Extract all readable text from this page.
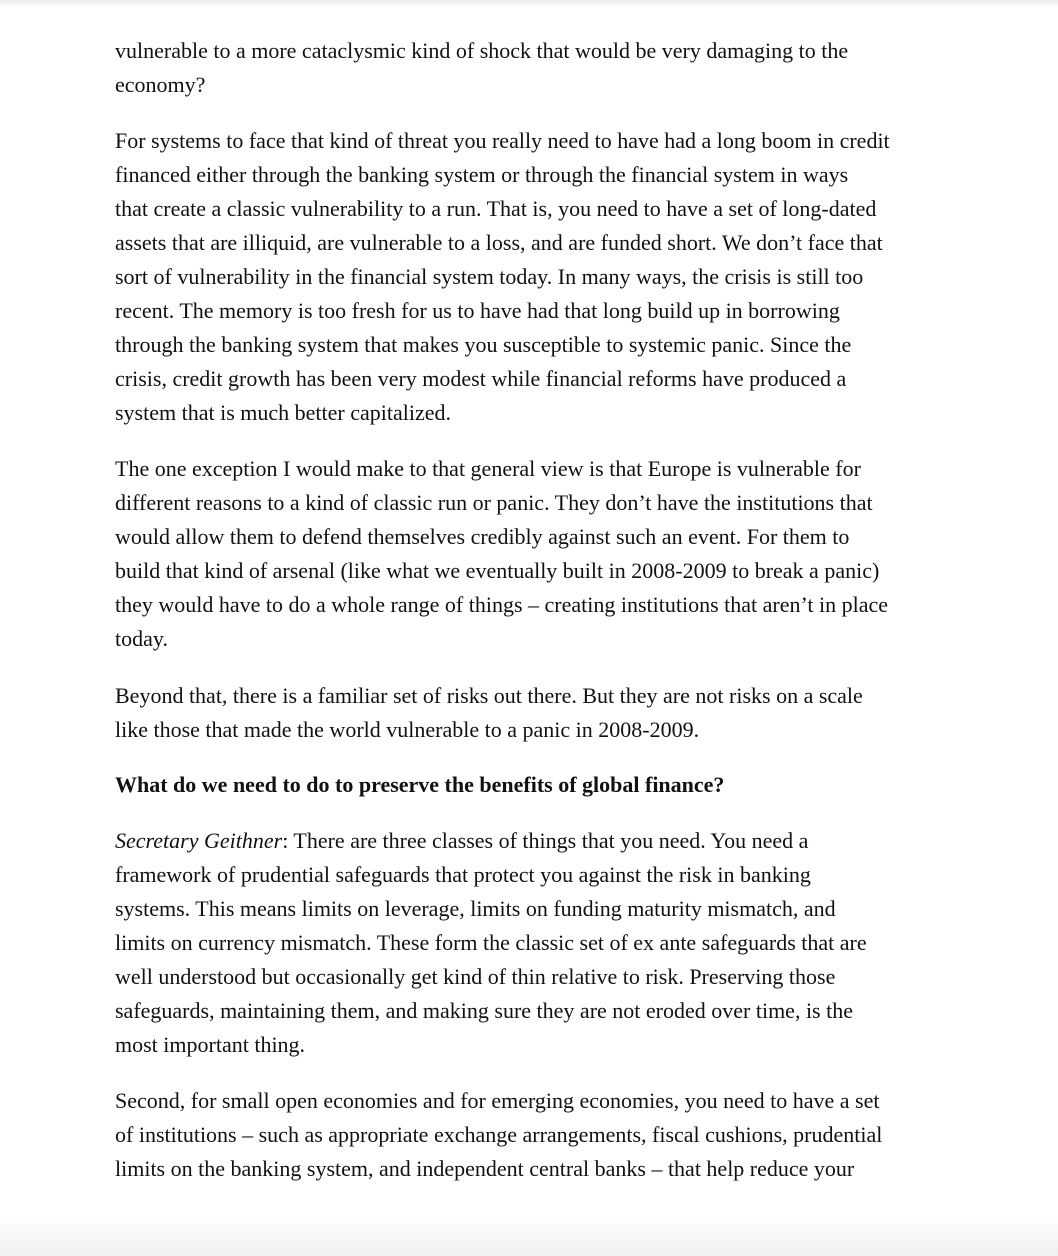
vulnerable to a more cataclysmic kind of shock that would be very damaging to the
economy?
For systems to face that kind of threat you really need to have had a long boom in credit
financed either through the banking system or through the financial system in ways
that create a classic vulnerability to a run. That is, you need to have a set of long-dated
assets that are illiquid, are vulnerable to a loss, and are funded short. We don’t face that
sort of vulnerability in the financial system today. In many ways, the crisis is still too
recent. The memory is too fresh for us to have had that long build up in borrowing
through the banking system that makes you susceptible to systemic panic. Since the
crisis, credit growth has been very modest while financial reforms have produced a
system that is much better capitalized.
The one exception I would make to that general view is that Europe is vulnerable for
different reasons to a kind of classic run or panic. They don’t have the institutions that
would allow them to defend themselves credibly against such an event. For them to
build that kind of arsenal (like what we eventually built in 2008-2009 to break a panic)
they would have to do a whole range of things – creating institutions that aren’t in place
today.
Beyond that, there is a familiar set of risks out there. But they are not risks on a scale
like those that made the world vulnerable to a panic in 2008-2009.
What do we need to do to preserve the benefits of global finance?
Secretary Geithner: There are three classes of things that you need. You need a
framework of prudential safeguards that protect you against the risk in banking
systems. This means limits on leverage, limits on funding maturity mismatch, and
limits on currency mismatch. These form the classic set of ex ante safeguards that are
well understood but occasionally get kind of thin relative to risk. Preserving those
safeguards, maintaining them, and making sure they are not eroded over time, is the
most important thing.
Second, for small open economies and for emerging economies, you need to have a set
of institutions – such as appropriate exchange arrangements, fiscal cushions, prudential
limits on the banking system, and independent central banks – that help reduce your
